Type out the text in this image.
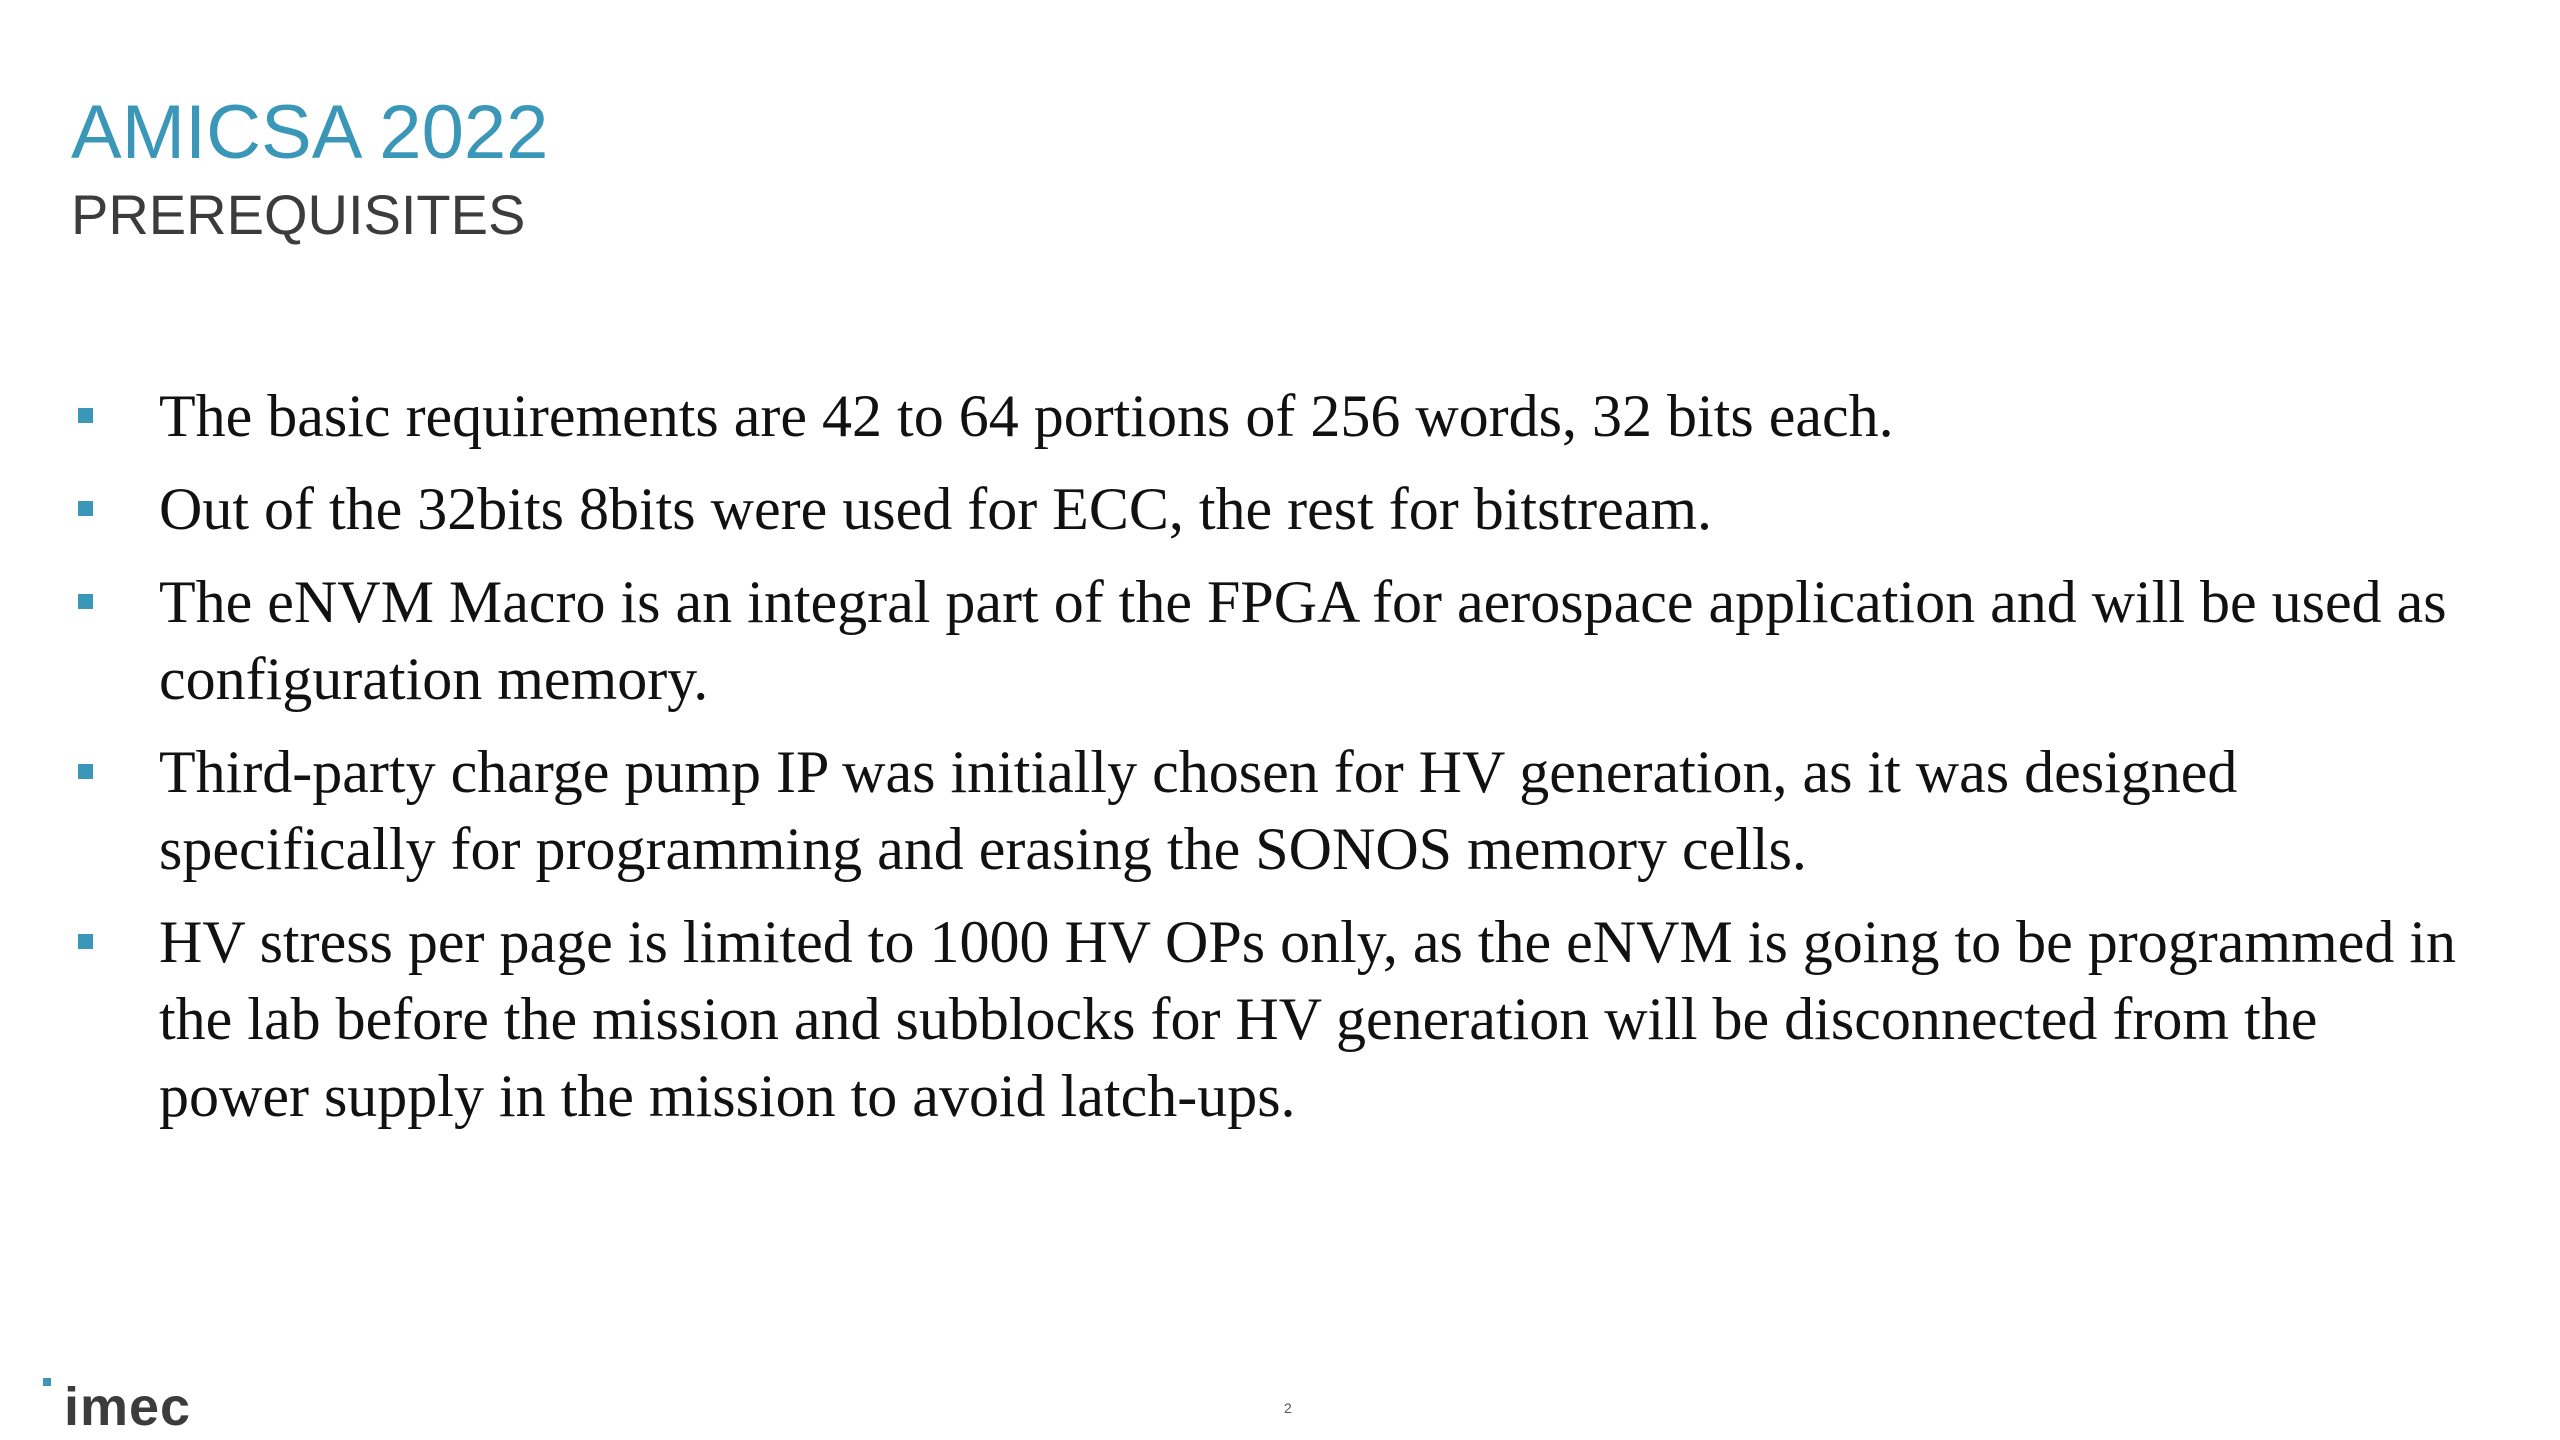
AMICSA 2022
PREREQUISITES
The basic requirements are 42 to 64 portions of 256 words, 32 bits each.
Out of the 32bits 8bits were used for ECC, the rest for bitstream.
The eNVM Macro is an integral part of the FPGA for aerospace application and will be used as configuration memory.
Third-party charge pump IP was initially chosen for HV generation, as it was designed specifically for programming and erasing the SONOS memory cells.
HV stress per page is limited to 1000 HV OPs only, as the eNVM is going to be programmed in the lab before the mission and subblocks for HV generation will be disconnected from the power supply in the mission to avoid latch-ups.
imec	2
